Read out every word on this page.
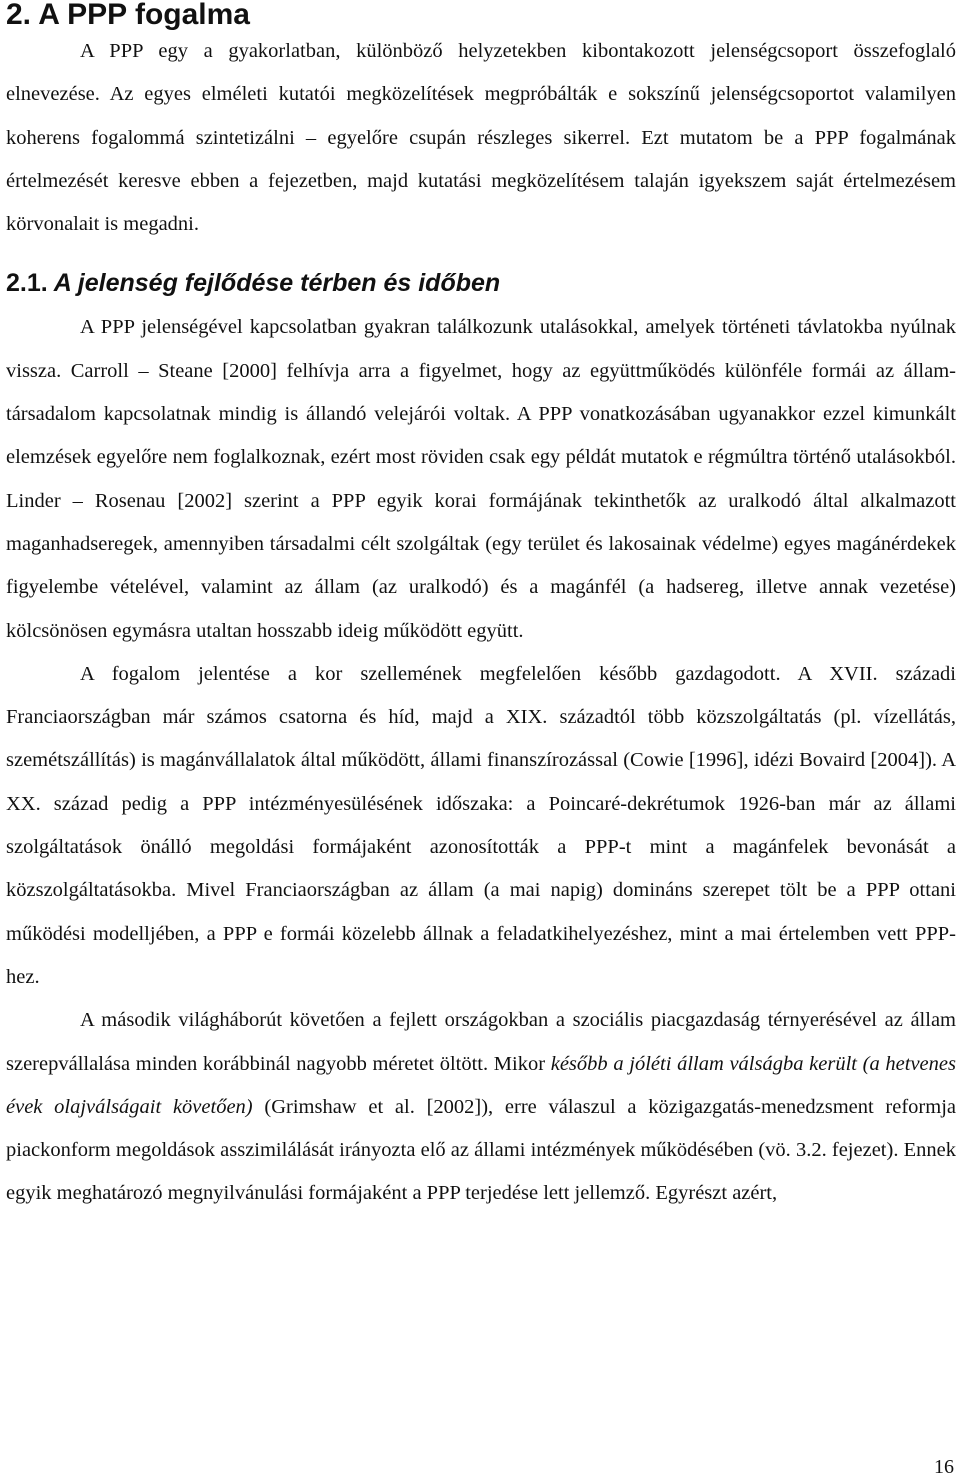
2. A PPP fogalma

A PPP egy a gyakorlatban, különböző helyzetekben kibontakozott jelenségcsoport összefoglaló elnevezése. Az egyes elméleti kutatói megközelítések megpróbálták e sokszínű jelenségcsoportot valamilyen koherens fogalommá szintetizálni – egyelőre csupán részleges sikerrel. Ezt mutatom be a PPP fogalmának értelmezését keresve ebben a fejezetben, majd kutatási megközelítésem talaján igyekszem saját értelmezésem körvonalait is megadni.

2.1. A jelenség fejlődése térben és időben

A PPP jelenségével kapcsolatban gyakran találkozunk utalásokkal, amelyek történeti távlatokba nyúlnak vissza. Carroll – Steane [2000] felhívja arra a figyelmet, hogy az együttműködés különféle formái az állam-társadalom kapcsolatnak mindig is állandó velejárói voltak. A PPP vonatkozásában ugyanakkor ezzel kimunkált elemzések egyelőre nem foglalkoznak, ezért most röviden csak egy példát mutatok e régmúltra történő utalásokból. Linder – Rosenau [2002] szerint a PPP egyik korai formájának tekinthetők az uralkodó által alkalmazott maganhadseregek, amennyiben társadalmi célt szolgáltak (egy terület és lakosainak védelme) egyes magánérdekek figyelembe vételével, valamint az állam (az uralkodó) és a magánfél (a hadsereg, illetve annak vezetése) kölcsönösen egymásra utaltan hosszabb ideig működött együtt.

A fogalom jelentése a kor szellemének megfelelően később gazdagodott. A XVII. századi Franciaországban már számos csatorna és híd, majd a XIX. századtól több közszolgáltatás (pl. vízellátás, szemétszállítás) is magánvállalatok által működött, állami finanszírozással (Cowie [1996], idézi Bovaird [2004]). A XX. század pedig a PPP intézményesülésének időszaka: a Poincaré-dekrétumok 1926-ban már az állami szolgáltatások önálló megoldási formájaként azonosították a PPP-t mint a magánfelek bevonását a közszolgáltatásokba. Mivel Franciaországban az állam (a mai napig) domináns szerepet tölt be a PPP ottani működési modelljében, a PPP e formái közelebb állnak a feladatkihelyezéshez, mint a mai értelemben vett PPP-hez.

A második világháborút követően a fejlett országokban a szociális piacgazdaság térnyerésével az állam szerepvállalása minden korábbinál nagyobb méretet öltött. Mikor később a jóléti állam válságba került (a hetvenes évek olajválságait követően) (Grimshaw et al. [2002]), erre válaszul a közigazgatás-menedzsment reformja piackonform megoldások asszimilálását irányozta elő az állami intézmények működésében (vö. 3.2. fejezet). Ennek egyik meghatározó megnyilvánulási formájaként a PPP terjedése lett jellemző. Egyrészt azért,

16
